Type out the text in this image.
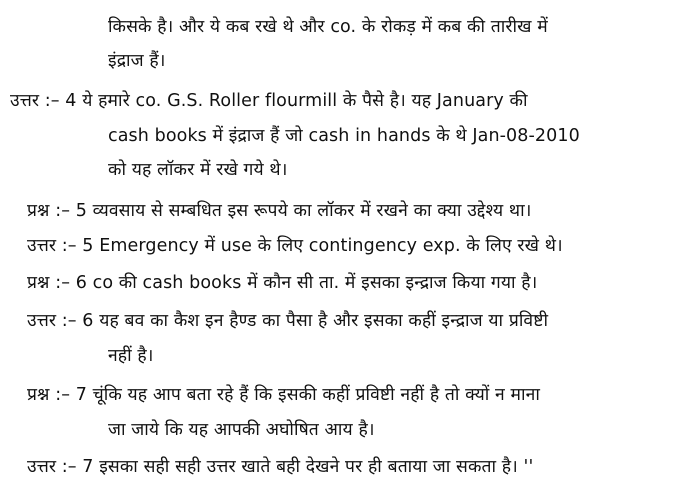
किसके है। और ये कब रखे थे और co. के रोकड़ में कब की तारीख में
इंद्राज हैं।
उत्तर :– 4 ये हमारे co. G.S. Roller flourmill के पैसे है। यह January की
cash books में इंद्राज हैं जो cash in hands के थे Jan-08-2010
को यह लॉकर में रखे गये थे।
प्रश्न :– 5 व्यवसाय से सम्बधित इस रूपये का लॉकर में रखने का क्या उद्देश्य था।
उत्तर :– 5 Emergency में use के लिए contingency exp. के लिए रखे थे।
प्रश्न :– 6 co की cash books में कौन सी ता. में इसका इन्द्राज किया गया है।
उत्तर :– 6 यह बव का कैश इन हैण्ड का पैसा है और इसका कहीं इन्द्राज या प्रविष्टी
नहीं है।
प्रश्न :– 7 चूंकि यह आप बता रहे हैं कि इसकी कहीं प्रविष्टी नहीं है तो क्यों न माना
जा जाये कि यह आपकी अघोषित आय है।
उत्तर :– 7 इसका सही सही उत्तर खाते बही देखने पर ही बताया जा सकता है। ''
